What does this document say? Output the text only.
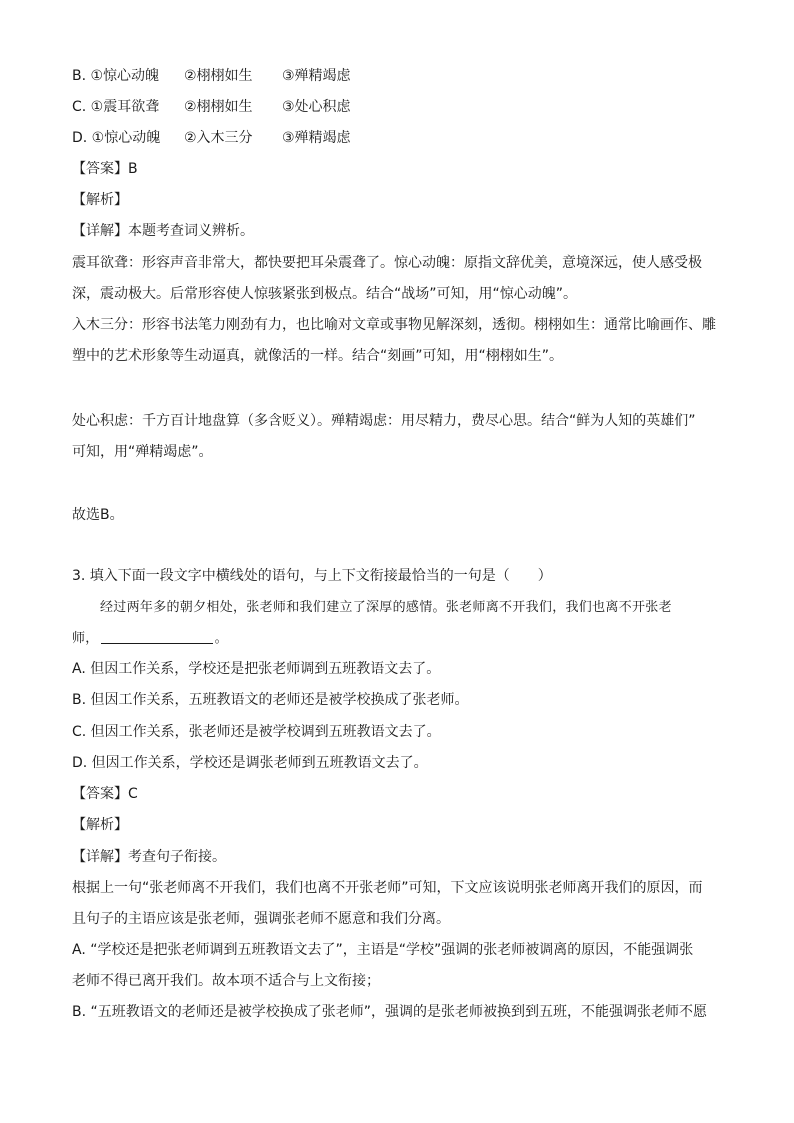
B. ①惊心动魄 ②栩栩如生 ③殚精竭虑
C. ①震耳欲聋 ②栩栩如生 ③处心积虑
D. ①惊心动魄 ②入木三分 ③殚精竭虑
【答案】B
【解析】
【详解】本题考查词义辨析。
震耳欲聋：形容声音非常大，都快要把耳朵震聋了。惊心动魄：原指文辞优美，意境深远，使人感受极
深，震动极大。后常形容使人惊骇紧张到极点。结合“战场”可知，用“惊心动魄”。
入木三分：形容书法笔力刚劲有力，也比喻对文章或事物见解深刻，透彻。栩栩如生：通常比喻画作、雕
塑中的艺术形象等生动逼真，就像活的一样。结合“刻画”可知，用“栩栩如生”。
处心积虑：千方百计地盘算（多含贬义）。殚精竭虑：用尽精力，费尽心思。结合“鲜为人知的英雄们”
可知，用“殚精竭虑”。
故选B。
3. 填入下面一段文字中横线处的语句，与上下文衔接最恰当的一句是（　　）
经过两年多的朝夕相处，张老师和我们建立了深厚的感情。张老师离不开我们，我们也离不开张老
师，	。
A. 但因工作关系，学校还是把张老师调到五班教语文去了。
B. 但因工作关系，五班教语文的老师还是被学校换成了张老师。
C. 但因工作关系，张老师还是被学校调到五班教语文去了。
D. 但因工作关系，学校还是调张老师到五班教语文去了。
【答案】C
【解析】
【详解】考查句子衔接。
根据上一句“张老师离不开我们，我们也离不开张老师”可知，下文应该说明张老师离开我们的原因，而
且句子的主语应该是张老师，强调张老师不愿意和我们分离。
A. “学校还是把张老师调到五班教语文去了”，主语是“学校”强调的张老师被调离的原因，不能强调张
老师不得已离开我们。故本项不适合与上文衔接；
B. “五班教语文的老师还是被学校换成了张老师”，强调的是张老师被换到到五班，不能强调张老师不愿
